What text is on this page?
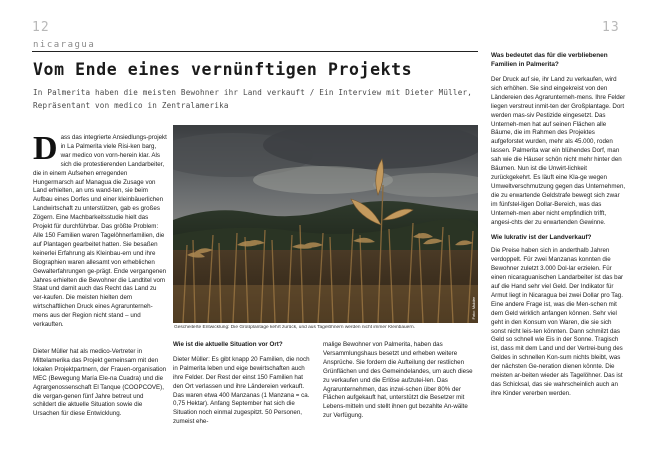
12	13
nicaragua
Vom Ende eines vernünftigen Projekts
In Palmerita haben die meisten Bewohner ihr Land verkauft / Ein Interview mit Dieter Müller,
Repräsentant von medico in Zentralamerika
D ass das integrierte Ansiedlungs-projekt in La Palmerita viele Risi-ken barg, war medico von vorn-herein klar. Als sich die protestierenden Landarbeiter, die in einem Aufsehen erregenden Hungermarsch auf Managua die Zusage von Land erhielten, an uns wand-ten, sie beim Aufbau eines Dorfes und einer kleinbäuerlichen Landwirtschaft zu unterstützen, gab es großes Zögern. Eine Machbarkeitsstudie hielt das Projekt für durchführbar. Das größte Problem: Alle 150 Familien waren Tagelöhnerfamilien, die auf Plantagen gearbeitet hatten. Sie besaßen keinerlei Erfahrung als Kleinbau-ern und ihre Biographien waren allesamt von erheblichen Gewalterfahrungen ge-prägt. Ende vergangenen Jahres erhielten die Bewohner die Landtitel vom Staat und damit auch das Recht das Land zu ver-kaufen. Die meisten hielten dem wirtschaftlichen Druck eines Agrarunterneh-mens aus der Region nicht stand – und verkauften.

Dieter Müller hat als medico-Vertreter in Mittelamerika das Projekt gemeinsam mit den lokalen Projektpartnern, der Frauen-organisation MEC (Bewegung María Ele-na Cuadra) und die Agrargenossenschaft El Tanque (COOPCOVE), die vergan-genen fünf Jahre betreut und schildert die aktuelle Situation sowie die Ursachen für diese Entwicklung.

Foto: Mulder
Gescheiterte Entwicklung: Die Großplantage kehrt zurück, und aus Tagelöhnern werden nicht immer Kleinbauern.

Wie ist die aktuelle Situation vor Ort?

Dieter Müller: Es gibt knapp 20 Familien, die noch in Palmerita leben und eige bewirtschaften auch ihre Felder. Der Rest der einst 150 Familien hat den Ort verlassen und ihre Ländereien verkauft. Das waren etwa 400 Manzanas (1 Manzana = ca. 0,75 Hektar). Anfang September hat sich die Situation noch einmal zugespitzt. 50 Personen, zumeist ehe-

malige Bewohner von Palmerita, haben das Versammlungshaus besetzt und erheben weitere Ansprüche. Sie fordern die Aufteilung der restlichen Grünflächen und des Gemeindelandes, um auch diese zu verkaufen und die Erlöse aufzutei-len. Das Agrarunternehmen, das inzwi-schen über 80% der Flächen aufgekauft hat, unterstützt die Besetzer mit Lebens-mitteln und stellt ihnen gut bezahlte An-wälte zur Verfügung.

Was bedeutet das für die verbliebenen Familien in Palmerita?

Der Druck auf sie, ihr Land zu verkaufen, wird sich erhöhen. Sie sind eingekreist von den Ländereien des Agrarunterneh-mens. Ihre Felder liegen verstreut inmit-ten der Großplantage. Dort werden mas-siv Pestizide eingesetzt. Das Unterneh-men hat auf seinen Flächen alle Bäume, die im Rahmen des Projektes aufgeforstet wurden, mehr als 45.000, roden lassen. Palmerita war ein blühendes Dorf, man sah wie die Häuser schön nicht mehr hinter den Bäumen. Nun ist die Unwirt-lichkeit zurückgekehrt. Es läuft eine Kla-ge wegen Umweltverschmutzung gegen das Unternehmen, die zu erwartende Geldstrafe bewegt sich zwar im fünfstel-ligen Dollar-Bereich, was das Unterneh-men aber nicht empfindlich trifft, angesi-chts der zu erwartenden Gewinne.

Wie lukrativ ist der Landverkauf?

Die Preise haben sich in anderthalb Jahren verdoppelt. Für zwei Manzanas konnten die Bewohner zuletzt 3.000 Dol-lar erzielen. Für einen nicaraguanischen Landarbeiter ist das bar auf die Hand sehr viel Geld. Der Indikator für Armut liegt in Nicaragua bei zwei Dollar pro Tag. Eine andere Frage ist, was die Men-schen mit dem Geld wirklich anfangen können. Sehr viel geht in den Konsum von Waren, die sie sich sonst nicht leis-ten könnten. Dann schmilzt das Geld so schnell wie Eis in der Sonne. Tragisch ist, dass mit dem Land und der Vertrei-bung des Geldes in schnellen Kon-sum nichts bleibt, was der nächsten Ge-neration dienen könnte. Die meisten ar-beiten wieder als Tagelöhner. Das ist das Schicksal, das sie wahrscheinlich auch an ihre Kinder vererben werden.
